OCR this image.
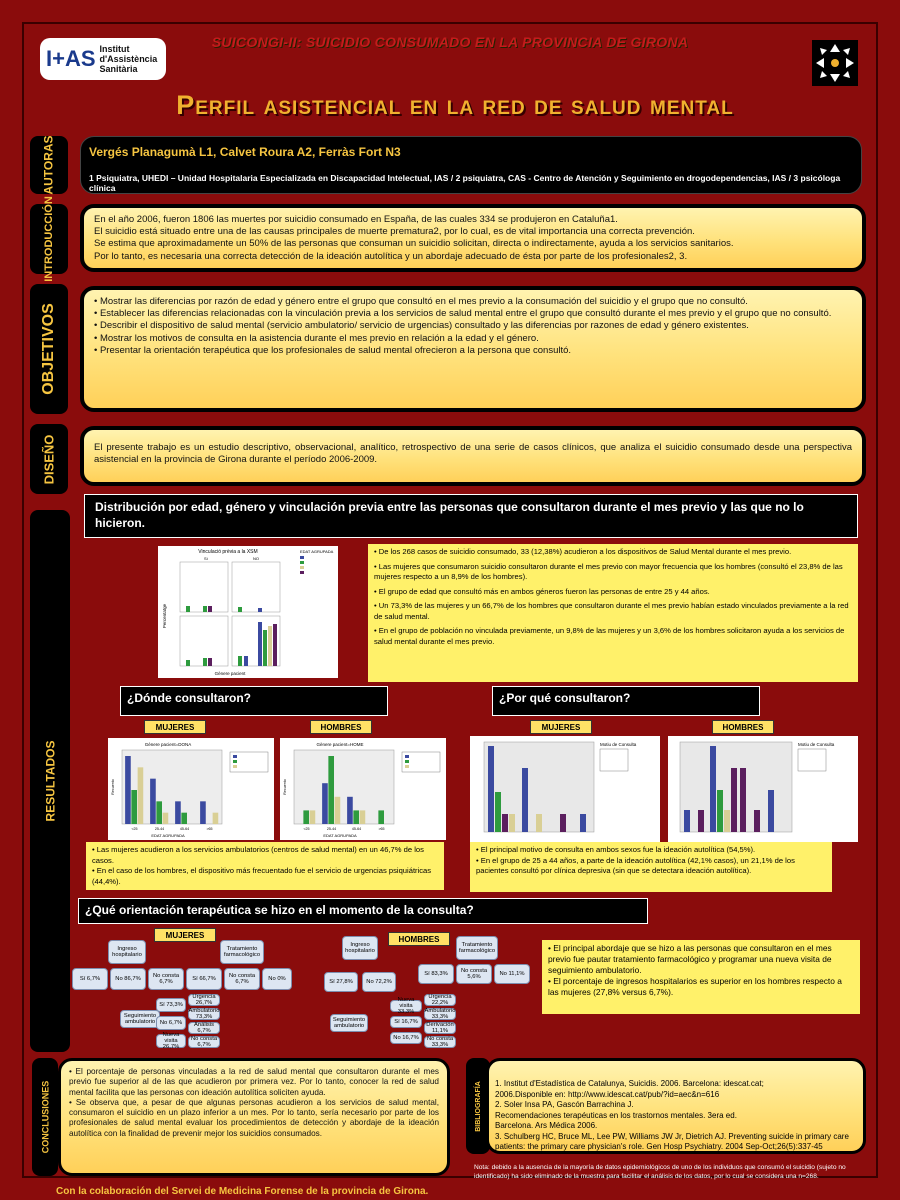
I+AS Institut
d'Assistència
Sanitària
SUICONGI-II: SUICIDIO CONSUMADO EN LA PROVINCIA DE GIRONA
Perfil asistencial en la red de salud mental
AUTORAS	Vergés Planagumà L1, Calvet Roura A2, Ferràs Fort N3
1 Psiquiatra, UHEDI – Unidad Hospitalaria Especializada en Discapacidad Intelectual, IAS / 2 psiquiatra, CAS - Centro de Atención y Seguimiento en drogodependencias, IAS / 3 psicóloga clínica
INTRODUCCIÓN	En el año 2006, fueron 1806 las muertes por suicidio consumado en España, de las cuales 334 se produjeron en Cataluña1.

El suicidio está situado entre una de las causas principales de muerte prematura2, por lo cual, es de vital importancia una correcta prevención.

Se estima que aproximadamente un 50% de las personas que consuman un suicidio solicitan, directa o indirectamente, ayuda a los servicios sanitarios.

Por lo tanto, es necesaria una correcta detección de la ideación autolítica y un abordaje adecuado de ésta por parte de los profesionales2, 3.

OBJETIVOS
• Mostrar las diferencias por razón de edad y género entre el grupo que consultó en el mes previo a la consumación del suicidio y el grupo que no consultó.
• Establecer las diferencias relacionadas con la vinculación previa a los servicios de salud mental entre el grupo que consultó durante el mes previo y el grupo que no consultó.
• Describir el dispositivo de salud mental (servicio ambulatorio/ servicio de urgencias) consultado y las diferencias por razones de edad y género existentes.
• Mostrar los motivos de consulta en la asistencia durante el mes previo en relación a la edad y el género.
• Presentar la orientación terapéutica que los profesionales de salud mental ofrecieron a la persona que consultó.
DISEÑO	El presente trabajo es un estudio descriptivo, observacional, analítico, retrospectivo de una serie de casos clínicos, que analiza el suicidio consumado desde una perspectiva asistencial en la provincia de Girona durante el período 2006-2009.

RESULTADOS
Distribución por edad, género y vinculación previa entre las personas que consultaron durante el mes previo y las que no lo hicieron.
Vinculació prèvia a la XSM	EDAT AGRUPADA
Sí	NO
Gènere pacient
Percentatge
• De los 268 casos de suicidio consumado, 33 (12,38%) acudieron a los dispositivos de Salud Mental durante el mes previo.
• Las mujeres que consumaron suicidio consultaron durante el mes previo con mayor frecuencia que los hombres (consultó el 23,8% de las mujeres respecto a un 8,9% de los hombres).
• El grupo de edad que consultó más en ambos géneros fueron las personas de entre 25 y 44 años.
• Un 73,3% de las mujeres y un 66,7% de los hombres que consultaron durante el mes previo habían estado vinculados previamente a la red de salud mental.
• En el grupo de población no vinculada previamente, un 9,8% de las mujeres y un 3,6% de los hombres solicitaron ayuda a los servicios de salud mental durante el mes previo.
¿Dónde consultaron?	¿Por qué consultaron?
MUJERES	HOMBRES	MUJERES	HOMBRES
Gènere pacient=DONA
EDAT AGRUPADA
<25	25-44	45-64	>65
Recuento
Gènere pacient=HOME
EDAT AGRUPADA
<25	25-44	45-64	>65
Recuento
Motiu de Consulta	Motiu de Consulta
• Las mujeres acudieron a los servicios ambulatorios (centros de salud mental) en un 46,7% de los casos.
• En el caso de los hombres, el dispositivo más frecuentado fue el servicio de urgencias psiquiátricas (44,4%).
• El principal motivo de consulta en ambos sexos fue la ideación autolítica (54,5%).
• En el grupo de 25 a 44 años, a parte de la ideación autolítica (42,1% casos), un 21,1% de los pacientes consultó por clínica depresiva (sin que se detectara ideación autolítica).
¿Qué orientación terapéutica se hizo en el momento de la consulta?
MUJERES	HOMBRES
Ingreso hospitalario
Tratamiento farmacológico
Sí 6,7%	No 86,7%	No consta 6,7%	Sí 66,7%	No consta 6,7%	No 0%
Seguimiento ambulatorio
Sí 73,3%
No 6,7%
Nueva visita 26,7%
Urgencia 26,7%
Ambulatorio 73,3%
Análisis 6,7%
No consta 6,7%
Ingreso hospitalario
Tratamiento farmacológico
Sí 27,8%	No 72,2%
Sí 83,3%	No consta 5,6%	No 11,1%
Seguimiento ambulatorio
Nueva visita 33,3%
Sí 16,7%
No 16,7%
Urgencia 22,2%
Ambulatorio 33,3%
Derivación 11,1%
No consta 33,3%
• El principal abordaje que se hizo a las personas que consultaron en el mes previo fue pautar tratamiento farmacológico y programar una nueva visita de seguimiento ambulatorio.
• El porcentaje de ingresos hospitalarios es superior en los hombres respecto a las mujeres (27,8% versus 6,7%).
CONCLUSIONES
• El porcentaje de personas vinculadas a la red de salud mental que consultaron durante el mes previo fue superior al de las que acudieron por primera vez. Por lo tanto, conocer la red de salud mental facilita que las personas con ideación autolítica soliciten ayuda.
• Se observa que, a pesar de que algunas personas acudieron a los servicios de salud mental, consumaron el suicidio en un plazo inferior a un mes. Por lo tanto, sería necesario por parte de los profesionales de salud mental evaluar los procedimientos de detección y abordaje de la ideación autolítica con la finalidad de prevenir mejor los suicidios consumados.
BIBLIOGRAFÍA 1. Institut d'Estadística de Catalunya, Suicidis. 2006. Barcelona: idescat.cat;
2006.Disponible en: http://www.idescat.cat/pub/?id=aec&n=616
2. Soler Insa PA, Gascón Barrachina J.
Recomendaciones terapéuticas en los trastornos mentales. 3era ed.
Barcelona. Ars Médica 2006.
3. Schulberg HC, Bruce ML, Lee PW, Williams JW Jr, Dietrich AJ. Preventing suicide in primary care
patients: the primary care physician's role. Gen Hosp Psychiatry. 2004 Sep-Oct;26(5):337-45
Nota: debido a la ausencia de la mayoría de datos epidemiológicos de uno de los individuos que consumó el suicidio (sujeto no identificado) ha sido eliminado de la muestra para facilitar el análisis de los datos, por lo cual se considera una n=268.
Con la colaboración del Servei de Medicina Forense de la provincia de Girona.
